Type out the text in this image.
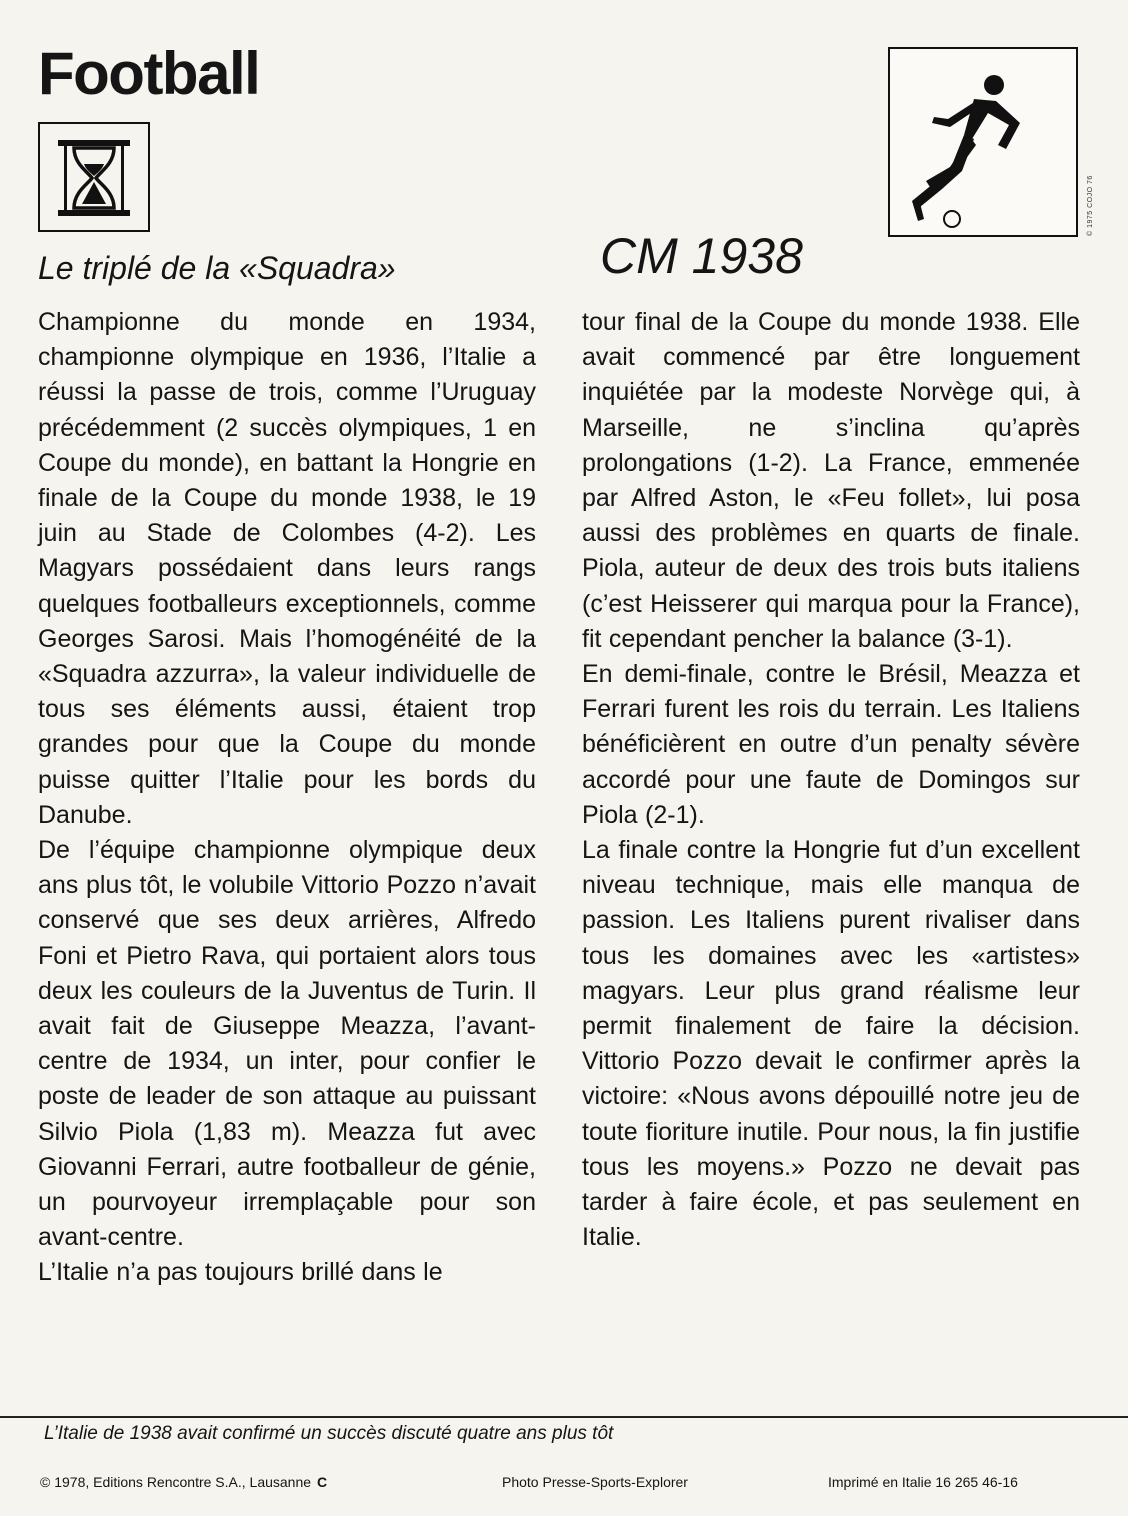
Football
CM 1938
© 1975 COJO 76
Le triplé de la «Squadra»

Championne du monde en 1934, championne olympique en 1936, l’Italie a réussi la passe de trois, comme l’Uruguay précédemment (2 succès olympiques, 1 en Coupe du monde), en battant la Hongrie en finale de la Coupe du monde 1938, le 19 juin au Stade de Colombes (4-2). Les Magyars possédaient dans leurs rangs quelques footballeurs exceptionnels, comme Georges Sarosi. Mais l’homogénéité de la «Squadra azzurra», la valeur individuelle de tous ses éléments aussi, étaient trop grandes pour que la Coupe du monde puisse quitter l’Italie pour les bords du Danube.

De l’équipe championne olympique deux ans plus tôt, le volubile Vittorio Pozzo n’avait conservé que ses deux arrières, Alfredo Foni et Pietro Rava, qui portaient alors tous deux les couleurs de la Juventus de Turin. Il avait fait de Giuseppe Meazza, l’avant-centre de 1934, un inter, pour confier le poste de leader de son attaque au puissant Silvio Piola (1,83 m). Meazza fut avec Giovanni Ferrari, autre footballeur de génie, un pourvoyeur irremplaçable pour son avant-centre.

L’Italie n’a pas toujours brillé dans le

tour final de la Coupe du monde 1938. Elle avait commencé par être longuement inquiétée par la modeste Norvège qui, à Marseille, ne s’inclina qu’après prolongations (1-2). La France, emmenée par Alfred Aston, le «Feu follet», lui posa aussi des problèmes en quarts de finale. Piola, auteur de deux des trois buts italiens (c’est Heisserer qui marqua pour la France), fit cependant pencher la balance (3-1).

En demi-finale, contre le Brésil, Meazza et Ferrari furent les rois du terrain. Les Italiens bénéficièrent en outre d’un penalty sévère accordé pour une faute de Domingos sur Piola (2-1).

La finale contre la Hongrie fut d’un excellent niveau technique, mais elle manqua de passion. Les Italiens purent rivaliser dans tous les domaines avec les «artistes» magyars. Leur plus grand réalisme leur permit finalement de faire la décision. Vittorio Pozzo devait le confirmer après la victoire: «Nous avons dépouillé notre jeu de toute fioriture inutile. Pour nous, la fin justifie tous les moyens.» Pozzo ne devait pas tarder à faire école, et pas seulement en Italie.

L’Italie de 1938 avait confirmé un succès discuté quatre ans plus tôt
© 1978, Editions Rencontre S.A., Lausanne C	Photo Presse-Sports-Explorer	Imprimé en Italie 16 265 46-16
